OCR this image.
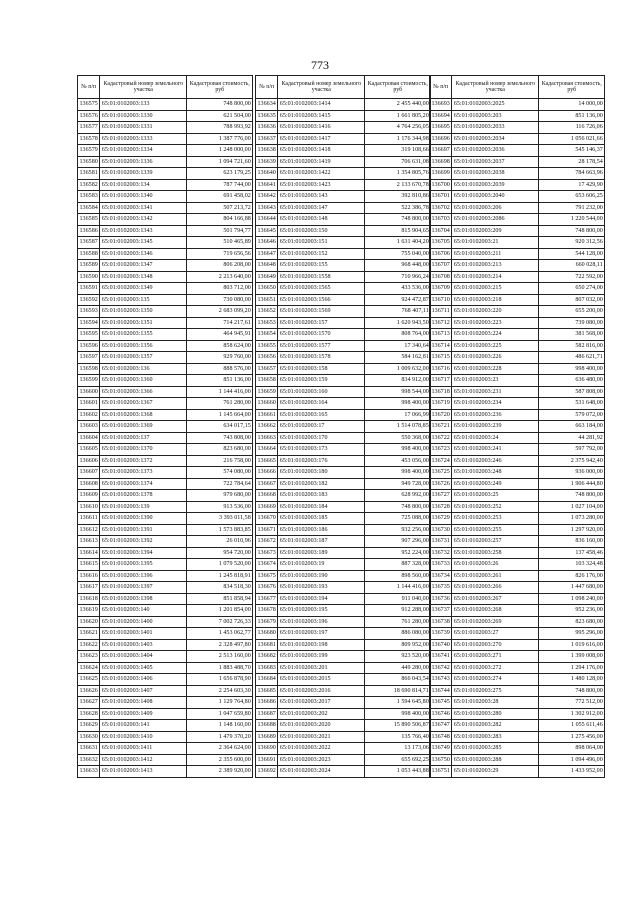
773
№ п/п	Кадастровый номер земельного участка	Кадастровая стоимость, руб
136575	65:01:0102003:133	748 800,00
136576	65:01:0102003:1330	621 504,00
136577	65:01:0102003:1331	788 993,92
136578	65:01:0102003:1333	1 387 776,00
136579	65:01:0102003:1334	1 248 000,00
136580	65:01:0102003:1336	1 094 721,60
136581	65:01:0102003:1339	623 179,25
136582	65:01:0102003:134	787 744,00
136583	65:01:0102003:1340	691 458,02
136584	65:01:0102003:1341	507 213,72
136585	65:01:0102003:1342	804 166,88
136586	65:01:0102003:1343	501 794,77
136587	65:01:0102003:1345	510 465,89
136588	65:01:0102003:1346	719 656,56
136589	65:01:0102003:1347	806 208,00
136590	65:01:0102003:1348	2 213 640,00
136591	65:01:0102003:1349	803 712,00
136592	65:01:0102003:135	730 080,00
136593	65:01:0102003:1350	2 683 099,20
136594	65:01:0102003:1351	714 217,61
136595	65:01:0102003:1355	464 945,91
136596	65:01:0102003:1356	858 624,00
136597	65:01:0102003:1357	929 760,00
136598	65:01:0102003:136	888 576,00
136599	65:01:0102003:1360	851 136,00
136600	65:01:0102003:1366	1 144 416,00
136601	65:01:0102003:1367	761 280,00
136602	65:01:0102003:1368	1 145 664,00
136603	65:01:0102003:1369	634 017,15
136604	65:01:0102003:137	743 808,00
136605	65:01:0102003:1370	823 680,00
136606	65:01:0102003:1372	216 758,00
136607	65:01:0102003:1373	574 080,00
136608	65:01:0102003:1374	722 784,64
136609	65:01:0102003:1378	979 680,00
136610	65:01:0102003:139	913 536,00
136611	65:01:0102003:1390	3 393 011,58
136612	65:01:0102003:1391	1 573 883,85
136613	65:01:0102003:1392	26 010,96
136614	65:01:0102003:1394	954 720,00
136615	65:01:0102003:1395	1 079 520,00
136616	65:01:0102003:1396	1 245 818,91
136617	65:01:0102003:1397	834 518,30
136618	65:01:0102003:1398	851 858,94
136619	65:01:0102003:140	1 201 854,00
136620	65:01:0102003:1400	7 002 726,33
136621	65:01:0102003:1401	1 453 062,77
136622	65:01:0102003:1403	2 328 497,80
136623	65:01:0102003:1404	2 513 160,00
136624	65:01:0102003:1405	1 883 488,70
136625	65:01:0102003:1406	1 656 878,90
136626	65:01:0102003:1407	2 254 603,30
136627	65:01:0102003:1408	1 129 764,80
136628	65:01:0102003:1409	1 047 659,80
136629	65:01:0102003:141	1 148 160,00
136630	65:01:0102003:1410	1 479 370,20
136631	65:01:0102003:1411	2 364 624,00
136632	65:01:0102003:1412	2 355 600,00
136633	65:01:0102003:1413	2 389 920,00
№ п/п	Кадастровый номер земельного участка	Кадастровая стоимость, руб
136634	65:01:0102003:1414	2 455 440,00
136635	65:01:0102003:1415	1 661 805,20
136636	65:01:0102003:1416	4 764 256,05
136637	65:01:0102003:1417	1 176 344,98
136638	65:01:0102003:1418	319 108,66
136639	65:01:0102003:1419	706 631,08
136640	65:01:0102003:1422	1 354 805,76
136641	65:01:0102003:1423	2 133 670,78
136642	65:01:0102003:143	392 810,86
136643	65:01:0102003:147	522 386,78
136644	65:01:0102003:148	748 800,00
136645	65:01:0102003:150	815 904,65
136646	65:01:0102003:151	1 631 404,20
136647	65:01:0102003:152	755 040,00
136648	65:01:0102003:155	968 448,00
136649	65:01:0102003:1558	710 966,24
136650	65:01:0102003:1565	433 536,00
136651	65:01:0102003:1566	924 472,87
136652	65:01:0102003:1569	768 407,11
136653	65:01:0102003:157	1 620 943,50
136654	65:01:0102003:1570	808 764,00
136655	65:01:0102003:1577	17 340,64
136656	65:01:0102003:1578	584 162,81
136657	65:01:0102003:158	1 009 632,00
136658	65:01:0102003:159	834 912,00
136659	65:01:0102003:160	998 544,00
136660	65:01:0102003:164	998 400,00
136661	65:01:0102003:165	17 066,99
136662	65:01:0102003:17	1 514 078,85
136663	65:01:0102003:170	550 368,00
136664	65:01:0102003:173	998 400,00
136665	65:01:0102003:176	453 056,00
136666	65:01:0102003:180	998 400,00
136667	65:01:0102003:182	949 728,00
136668	65:01:0102003:183	628 992,00
136669	65:01:0102003:184	748 800,00
136670	65:01:0102003:185	725 088,00
136671	65:01:0102003:186	932 256,00
136672	65:01:0102003:187	907 296,00
136673	65:01:0102003:189	952 224,00
136674	65:01:0102003:19	887 328,00
136675	65:01:0102003:190	898 560,00
136676	65:01:0102003:193	1 144 416,00
136677	65:01:0102003:194	911 040,00
136678	65:01:0102003:195	912 288,00
136679	65:01:0102003:196	761 280,00
136680	65:01:0102003:197	886 080,00
136681	65:01:0102003:198	809 952,00
136682	65:01:0102003:199	923 520,00
136683	65:01:0102003:201	449 280,00
136684	65:01:0102003:2015	866 043,54
136685	65:01:0102003:2016	18 690 814,71
136686	65:01:0102003:2017	1 594 645,80
136687	65:01:0102003:202	998 400,00
136688	65:01:0102003:2020	15 890 506,87
136689	65:01:0102003:2021	135 766,40
136690	65:01:0102003:2022	13 173,06
136691	65:01:0102003:2023	655 692,25
136692	65:01:0102003:2024	1 053 443,88
№ п/п	Кадастровый номер земельного участка	Кадастровая стоимость, руб
136693	65:01:0102003:2025	14 000,00
136694	65:01:0102003:203	851 136,00
136695	65:01:0102003:2033	116 726,06
136696	65:01:0102003:2034	1 056 021,66
136697	65:01:0102003:2036	545 146,37
136698	65:01:0102003:2037	28 178,54
136699	65:01:0102003:2038	784 663,96
136700	65:01:0102003:2039	17 429,90
136701	65:01:0102003:2040	653 606,25
136702	65:01:0102003:206	791 232,00
136703	65:01:0102003:2086	1 220 544,00
136704	65:01:0102003:209	748 800,00
136705	65:01:0102003:21	920 312,56
136706	65:01:0102003:211	544 128,00
136707	65:01:0102003:213	660 028,11
136708	65:01:0102003:214	722 592,00
136709	65:01:0102003:215	650 274,00
136710	65:01:0102003:218	807 032,00
136711	65:01:0102003:220	655 200,00
136712	65:01:0102003:223	739 080,00
136713	65:01:0102003:224	381 568,00
136714	65:01:0102003:225	582 816,00
136715	65:01:0102003:226	486 621,71
136716	65:01:0102003:228	998 400,00
136717	65:01:0102003:23	636 480,00
136718	65:01:0102003:231	587 808,00
136719	65:01:0102003:234	531 648,00
136720	65:01:0102003:236	579 072,00
136721	65:01:0102003:239	663 184,00
136722	65:01:0102003:24	44 281,92
136723	65:01:0102003:241	597 792,00
136724	65:01:0102003:246	2 375 942,40
136725	65:01:0102003:248	936 000,00
136726	65:01:0102003:249	1 906 444,80
136727	65:01:0102003:25	748 800,00
136728	65:01:0102003:252	1 027 104,00
136729	65:01:0102003:253	1 073 280,00
136730	65:01:0102003:255	1 297 920,00
136731	65:01:0102003:257	836 160,00
136732	65:01:0102003:258	137 458,46
136733	65:01:0102003:26	103 324,48
136734	65:01:0102003:261	826 176,00
136735	65:01:0102003:266	1 447 680,00
136736	65:01:0102003:267	1 098 240,00
136737	65:01:0102003:268	952 236,00
136738	65:01:0102003:269	823 680,00
136739	65:01:0102003:27	995 296,00
136740	65:01:0102003:270	1 019 616,00
136741	65:01:0102003:271	1 399 008,00
136742	65:01:0102003:272	1 294 176,00
136743	65:01:0102003:274	1 480 128,00
136744	65:01:0102003:275	748 800,00
136745	65:01:0102003:28	772 512,00
136746	65:01:0102003:280	1 302 912,00
136747	65:01:0102003:282	1 055 611,46
136748	65:01:0102003:283	1 275 456,00
136749	65:01:0102003:285	898 064,00
136750	65:01:0102003:288	1 094 496,00
136751	65:01:0102003:29	1 433 952,00
